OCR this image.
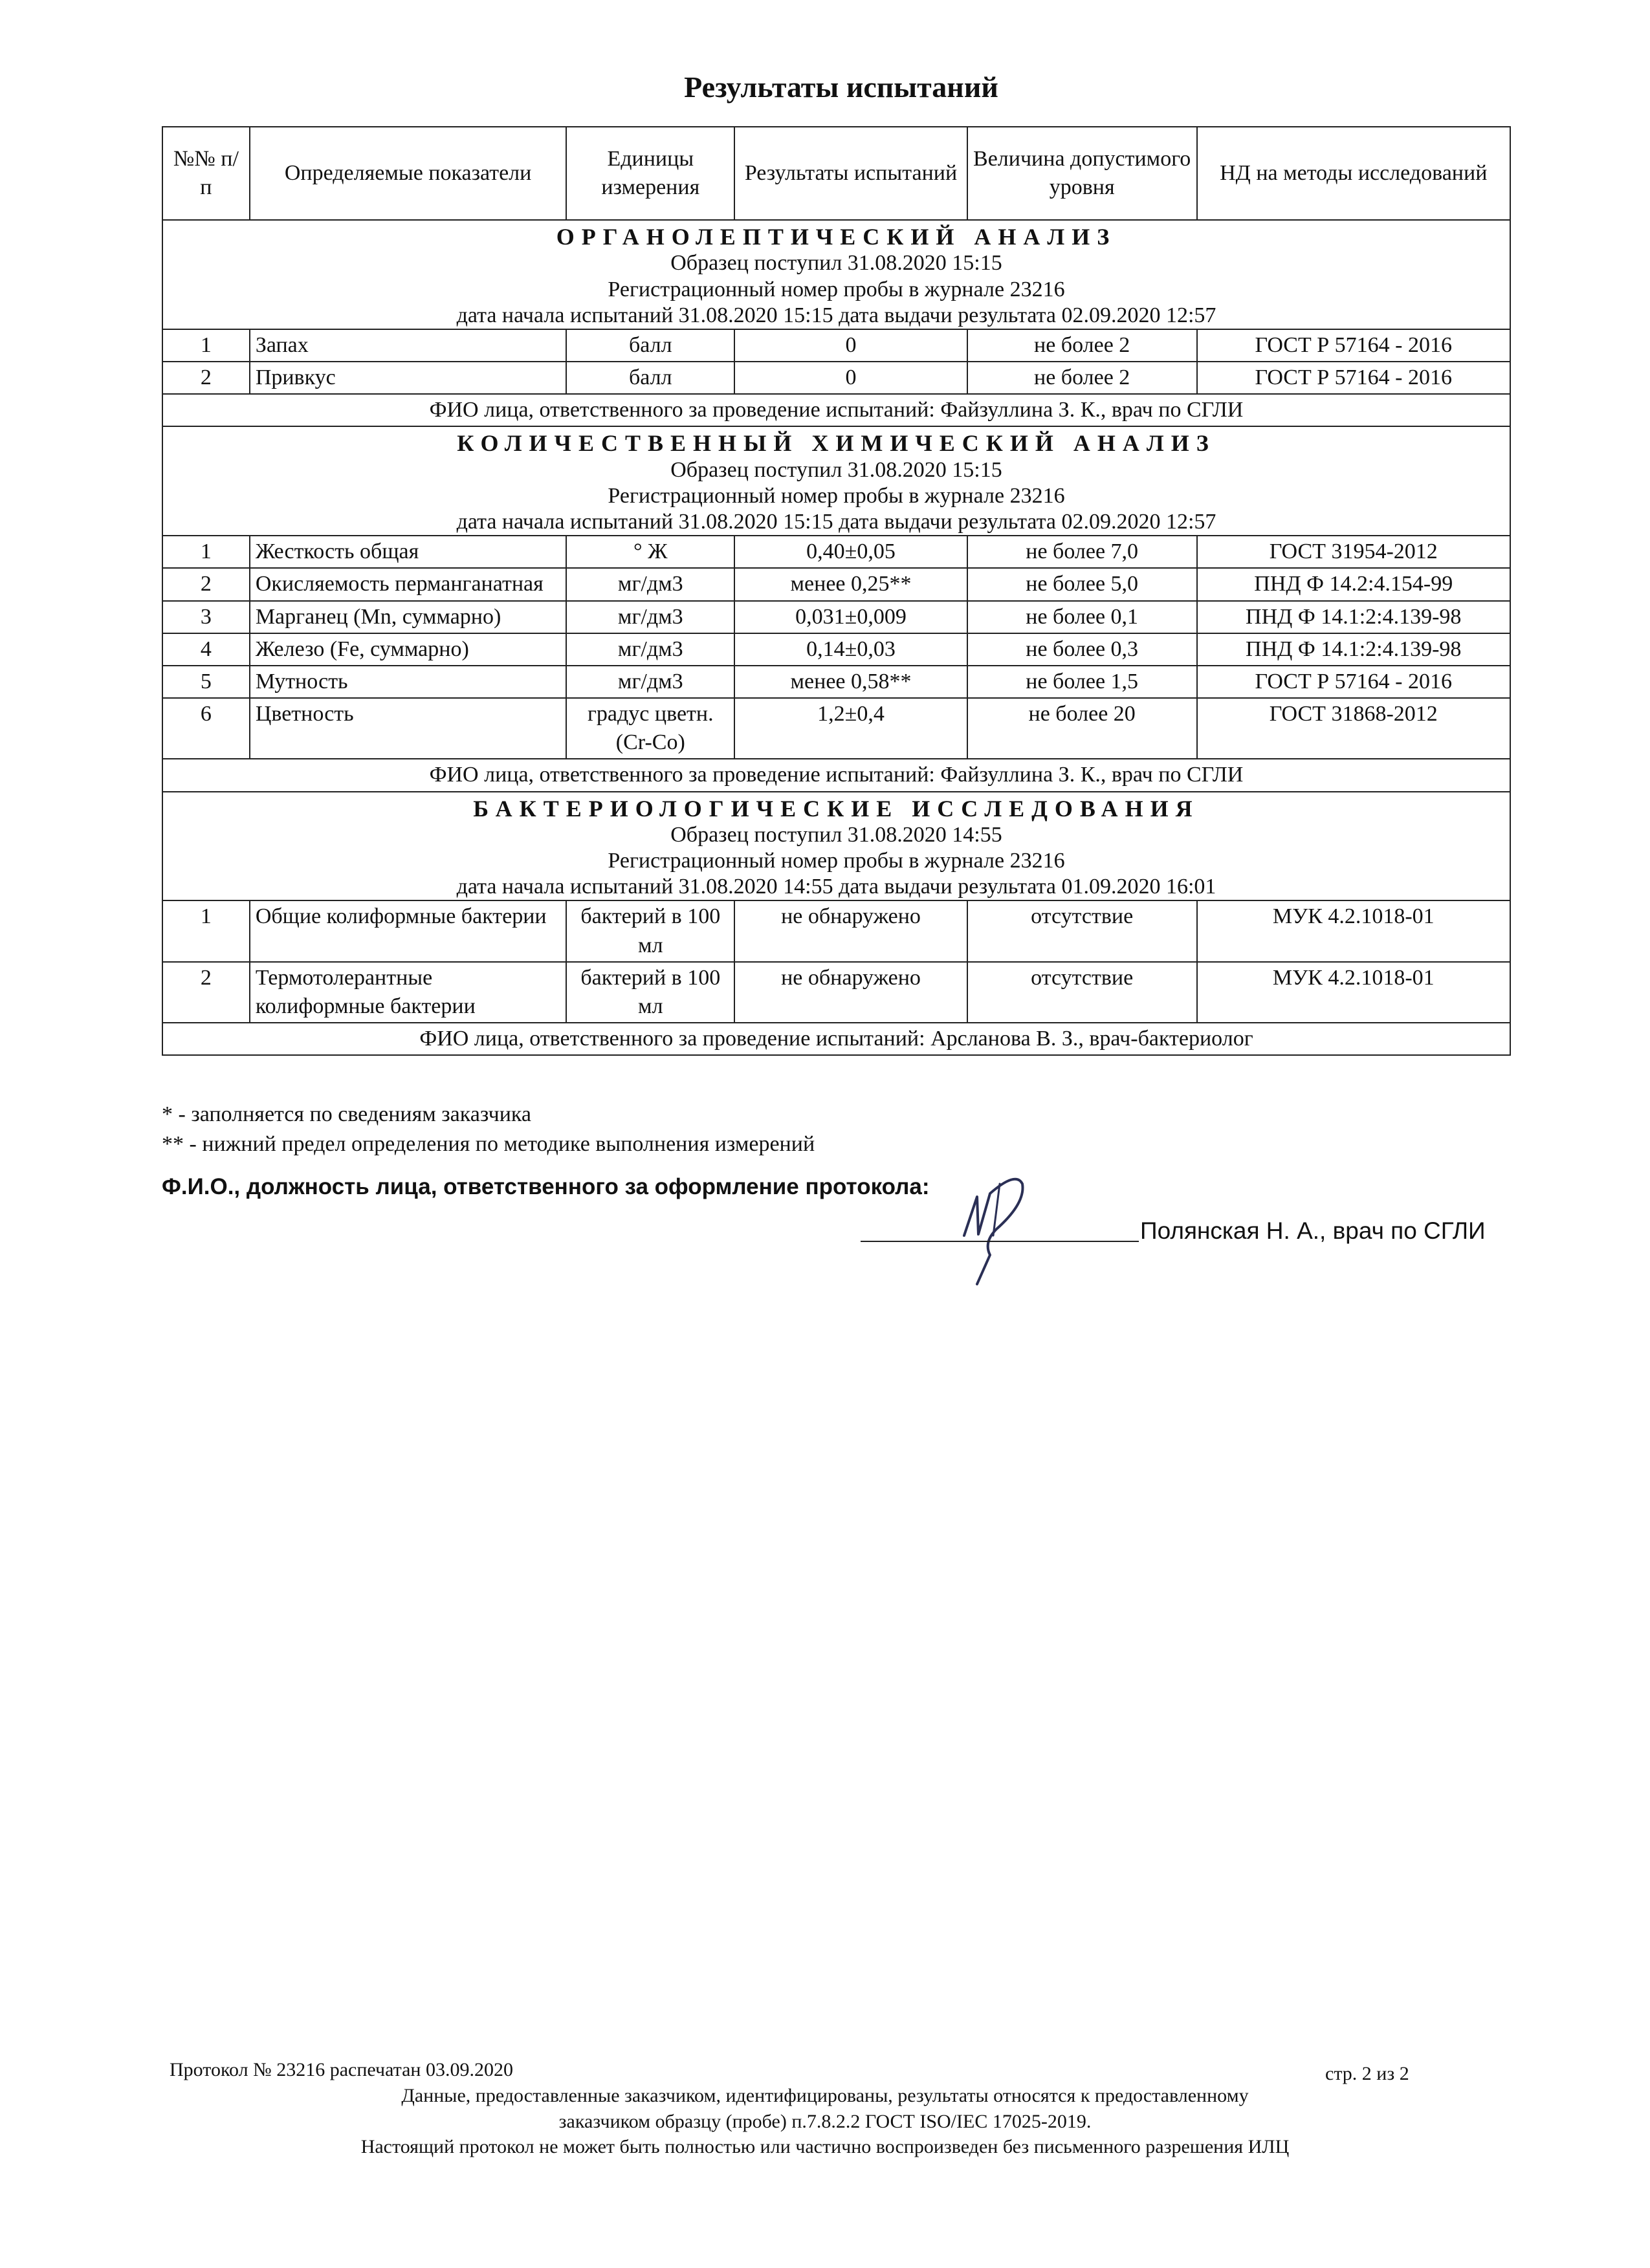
Результаты испытаний
№№ п/п	Определяемые показатели	Единицы измерения	Результаты испытаний	Величина допустимого уровня	НД на методы исследований

ОРГАНОЛЕПТИЧЕСКИЙ АНАЛИЗ
Образец поступил 31.08.2020 15:15
Регистрационный номер пробы в журнале 23216
дата начала испытаний 31.08.2020 15:15 дата выдачи результата 02.09.2020 12:57					

1	Запах	балл	0	не более 2	ГОСТ Р 57164 - 2016
2	Привкус	балл	0	не более 2	ГОСТ Р 57164 - 2016
ФИО лица, ответственного за проведение испытаний: Файзуллина З. К., врач по СГЛИ					

КОЛИЧЕСТВЕННЫЙ ХИМИЧЕСКИЙ АНАЛИЗ
Образец поступил 31.08.2020 15:15
Регистрационный номер пробы в журнале 23216
дата начала испытаний 31.08.2020 15:15 дата выдачи результата 02.09.2020 12:57					

1	Жесткость общая	° Ж	0,40±0,05	не более 7,0	ГОСТ 31954-2012
2	Окисляемость перманганатная	мг/дм3	менее 0,25**	не более 5,0	ПНД Ф 14.2:4.154-99
3	Марганец (Mn, суммарно)	мг/дм3	0,031±0,009	не более 0,1	ПНД Ф 14.1:2:4.139-98
4	Железо (Fe, суммарно)	мг/дм3	0,14±0,03	не более 0,3	ПНД Ф 14.1:2:4.139-98
5	Мутность	мг/дм3	менее 0,58**	не более 1,5	ГОСТ Р 57164 - 2016
6	Цветность	градус цветн.(Cr-Co)	1,2±0,4	не более 20	ГОСТ 31868-2012
ФИО лица, ответственного за проведение испытаний: Файзуллина З. К., врач по СГЛИ					

БАКТЕРИОЛОГИЧЕСКИЕ ИССЛЕДОВАНИЯ
Образец поступил 31.08.2020 14:55
Регистрационный номер пробы в журнале 23216
дата начала испытаний 31.08.2020 14:55 дата выдачи результата 01.09.2020 16:01					

1	Общие колиформные бактерии	бактерий в 100 мл	не обнаружено	отсутствие	МУК 4.2.1018-01
2	Термотолерантные колиформные бактерии	бактерий в 100 мл	не обнаружено	отсутствие	МУК 4.2.1018-01
ФИО лица, ответственного за проведение испытаний: Арсланова В. З., врач-бактериолог					
* - заполняется по сведениям заказчика
** - нижний предел определения по методике выполнения измерений
Ф.И.О., должность лица, ответственного за оформление протокола:
Полянская Н. А., врач по СГЛИ
Протокол № 23216 распечатан 03.09.2020	стр. 2 из 2
Данные, предоставленные заказчиком, идентифицированы, результаты относятся к предоставленному
заказчиком образцу (пробе) п.7.8.2.2 ГОСТ ISO/IEC 17025-2019.
Настоящий протокол не может быть полностью или частично воспроизведен без письменного разрешения ИЛЦ
